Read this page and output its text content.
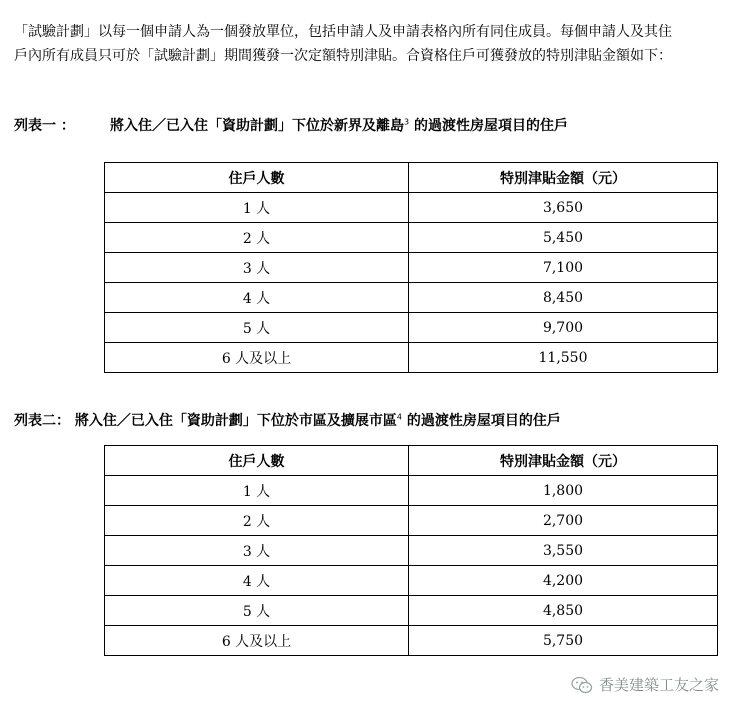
「試驗計劃」以每一個申請人為一個發放單位，包括申請人及申請表格內所有同住成員。每個申請人及其住
戶內所有成員只可於「試驗計劃」期間獲發一次定額特別津貼。合資格住戶可獲發放的特別津貼金額如下：

列表一 ：	將入住／已入住「資助計劃」下位於新界及離島$^3$ 的過渡性房屋項目的住戶

住戶人數	特別津貼金額（元）
1 人	3,650
2 人	5,450
3 人	7,100
4 人	8,450
5 人	9,700
6 人及以上	11,550

列表二： 將入住／已入住「資助計劃」下位於市區及擴展市區$^4$ 的過渡性房屋項目的住戶

住戶人數	特別津貼金額（元）
1 人	1,800
2 人	2,700
3 人	3,550
4 人	4,200
5 人	4,850
6 人及以上	5,750
香美建築工友之家
